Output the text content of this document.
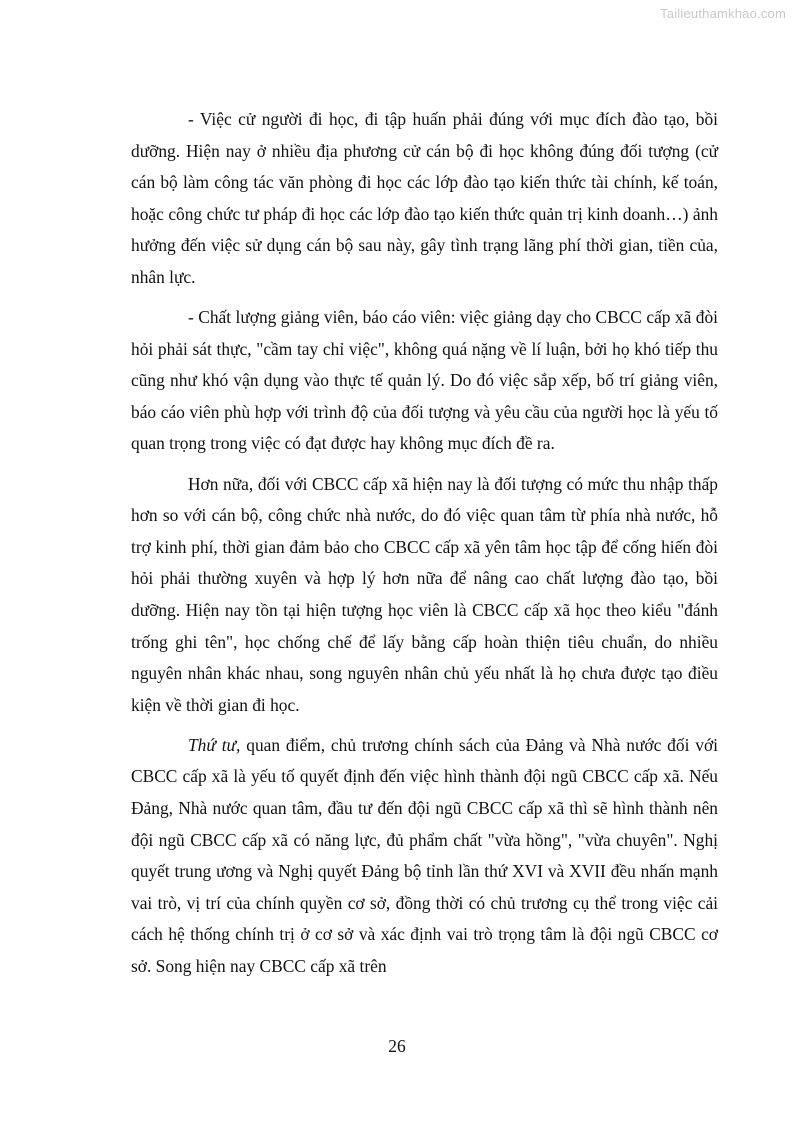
Tailieuthamkhao.com

- Việc cử người đi học, đi tập huấn phải đúng với mục đích đào tạo, bồi dưỡng. Hiện nay ở nhiều địa phương cử cán bộ đi học không đúng đối tượng (cử cán bộ làm công tác văn phòng đi học các lớp đào tạo kiến thức tài chính, kế toán, hoặc công chức tư pháp đi học các lớp đào tạo kiến thức quản trị kinh doanh…) ảnh hưởng đến việc sử dụng cán bộ sau này, gây tình trạng lãng phí thời gian, tiền của, nhân lực.

- Chất lượng giảng viên, báo cáo viên: việc giảng dạy cho CBCC cấp xã đòi hỏi phải sát thực, "cầm tay chỉ việc", không quá nặng về lí luận, bởi họ khó tiếp thu cũng như khó vận dụng vào thực tế quản lý. Do đó việc sắp xếp, bố trí giảng viên, báo cáo viên phù hợp với trình độ của đối tượng và yêu cầu của người học là yếu tố quan trọng trong việc có đạt được hay không mục đích đề ra.

Hơn nữa, đối với CBCC cấp xã hiện nay là đối tượng có mức thu nhập thấp hơn so với cán bộ, công chức nhà nước, do đó việc quan tâm từ phía nhà nước, hỗ trợ kinh phí, thời gian đảm bảo cho CBCC cấp xã yên tâm học tập để cống hiến đòi hỏi phải thường xuyên và hợp lý hơn nữa để nâng cao chất lượng đào tạo, bồi dưỡng. Hiện nay tồn tại hiện tượng học viên là CBCC cấp xã học theo kiểu "đánh trống ghi tên", học chống chế để lấy bằng cấp hoàn thiện tiêu chuẩn, do nhiều nguyên nhân khác nhau, song nguyên nhân chủ yếu nhất là họ chưa được tạo điều kiện về thời gian đi học.

Thứ tư, quan điểm, chủ trương chính sách của Đảng và Nhà nước đối với CBCC cấp xã là yếu tố quyết định đến việc hình thành đội ngũ CBCC cấp xã. Nếu Đảng, Nhà nước quan tâm, đầu tư đến đội ngũ CBCC cấp xã thì sẽ hình thành nên đội ngũ CBCC cấp xã có năng lực, đủ phẩm chất "vừa hồng", "vừa chuyên". Nghị quyết trung ương và Nghị quyết Đảng bộ tỉnh lần thứ XVI và XVII đều nhấn mạnh vai trò, vị trí của chính quyền cơ sở, đồng thời có chủ trương cụ thể trong việc cải cách hệ thống chính trị ở cơ sở và xác định vai trò trọng tâm là đội ngũ CBCC cơ sở. Song hiện nay CBCC cấp xã trên

26
